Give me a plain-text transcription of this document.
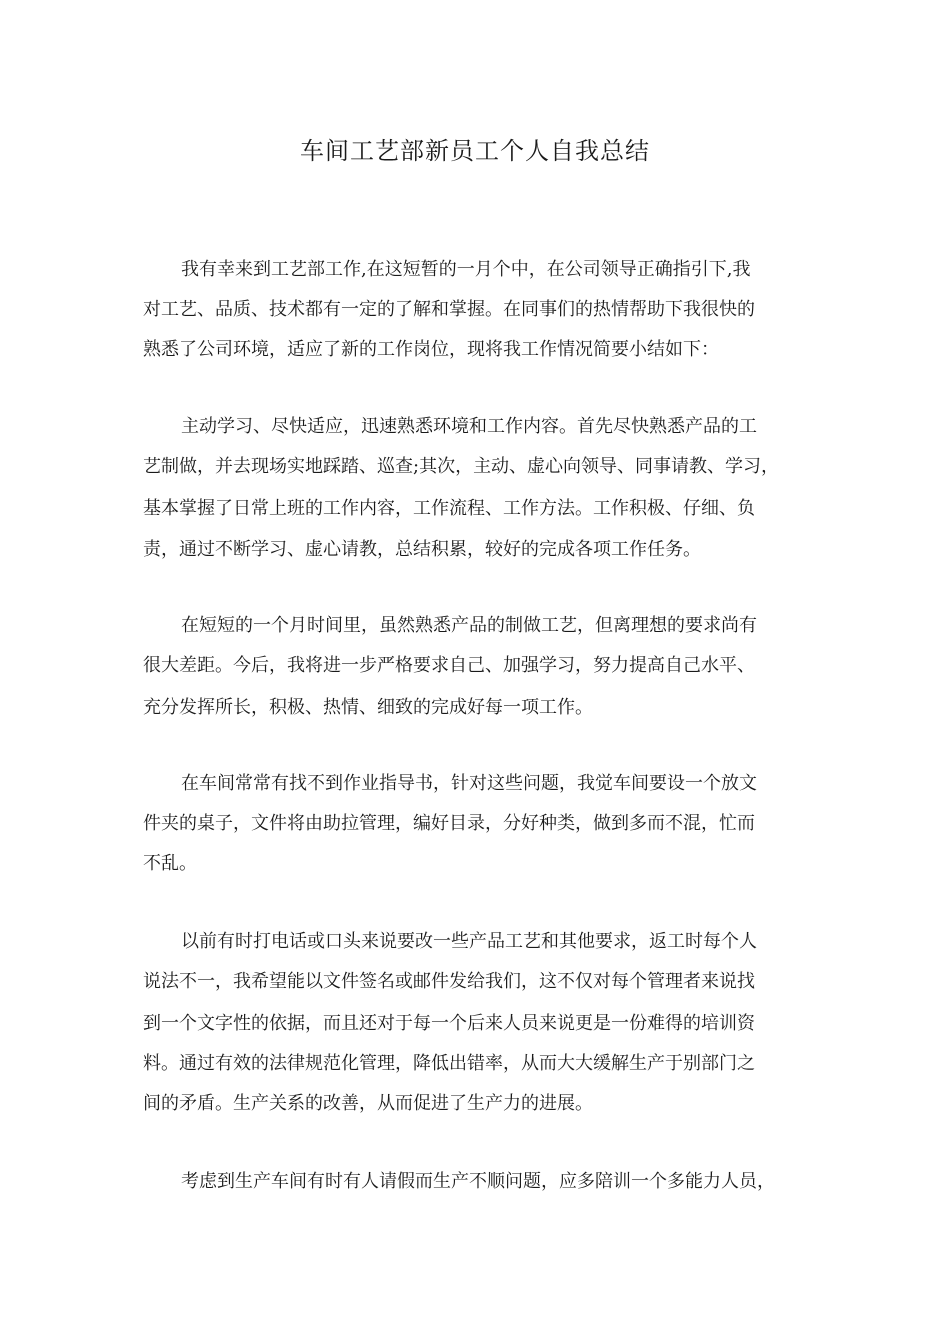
车间工艺部新员工个人自我总结
我有幸来到工艺部工作,在这短暂的一月个中，在公司领导正确指引下,我
对工艺、品质、技术都有一定的了解和掌握。在同事们的热情帮助下我很快的
熟悉了公司环境，适应了新的工作岗位，现将我工作情况简要小结如下：
主动学习、尽快适应，迅速熟悉环境和工作内容。首先尽快熟悉产品的工
艺制做，并去现场实地踩踏、巡查;其次，主动、虚心向领导、同事请教、学习，
基本掌握了日常上班的工作内容，工作流程、工作方法。工作积极、仔细、负
责，通过不断学习、虚心请教，总结积累，较好的完成各项工作任务。
在短短的一个月时间里，虽然熟悉产品的制做工艺，但离理想的要求尚有
很大差距。今后，我将进一步严格要求自己、加强学习，努力提高自己水平、
充分发挥所长，积极、热情、细致的完成好每一项工作。
在车间常常有找不到作业指导书，针对这些问题，我觉车间要设一个放文
件夹的桌子，文件将由助拉管理，编好目录，分好种类，做到多而不混，忙而
不乱。
以前有时打电话或口头来说要改一些产品工艺和其他要求，返工时每个人
说法不一，我希望能以文件签名或邮件发给我们，这不仅对每个管理者来说找
到一个文字性的依据，而且还对于每一个后来人员来说更是一份难得的培训资
料。通过有效的法律规范化管理，降低出错率，从而大大缓解生产于别部门之
间的矛盾。生产关系的改善，从而促进了生产力的进展。
考虑到生产车间有时有人请假而生产不顺问题，应多陪训一个多能力人员，
